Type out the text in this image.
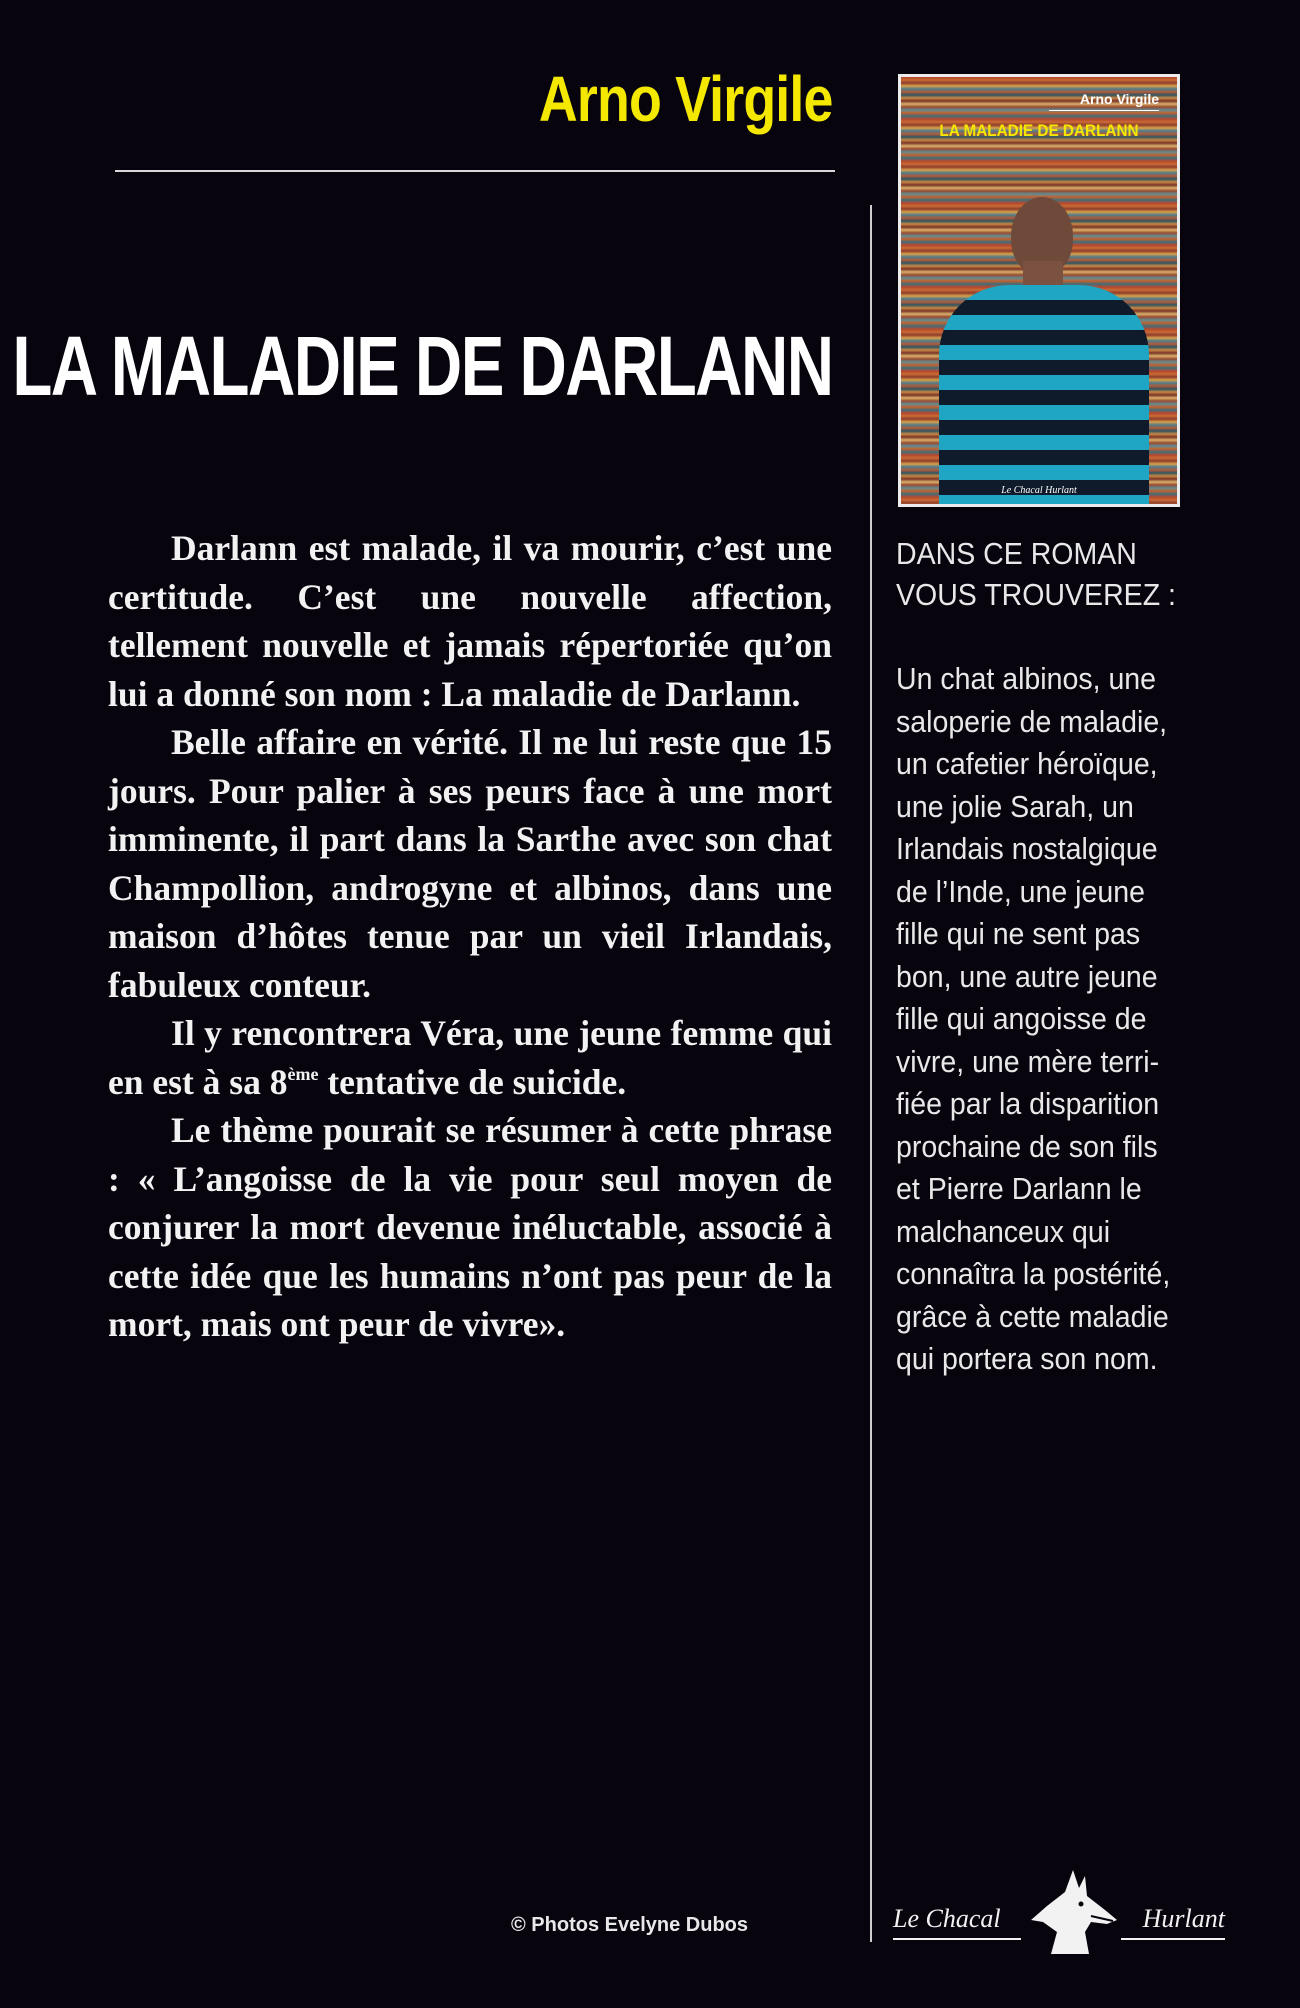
Arno Virgile
LA MALADIE DE DARLANN

Darlann est malade, il va mourir, c’est une certitude. C’est une nouvelle affection, tellement nouvelle et jamais répertoriée qu’on lui a donné son nom : La maladie de Darlann.

Belle affaire en vérité. Il ne lui reste que 15 jours. Pour palier à ses peurs face à une mort imminente, il part dans la Sarthe avec son chat Champollion, androgyne et albinos, dans une maison d’hôtes tenue par un vieil Irlandais, fabuleux conteur.

Il y rencontrera Véra, une jeune femme qui en est à sa 8ème tentative de suicide.

Le thème pourait se résumer à cette phrase : « L’angoisse de la vie pour seul moyen de conjurer la mort devenue inéluctable, associé à cette idée que les humains n’ont pas peur de la mort, mais ont peur de vivre».

Arno Virgile
LA MALADIE DE DARLANN
Le Chacal Hurlant

DANS CE ROMAN VOUS TROUVEREZ :

Un chat albinos, une
saloperie de maladie,
un cafetier héroïque,
une jolie Sarah, un
Irlandais nostalgique
de l’Inde, une jeune
fille qui ne sent pas
bon, une autre jeune
fille qui angoisse de
vivre, une mère terri-
fiée par la disparition
prochaine de son fils
et Pierre Darlann le
malchanceux qui
connaîtra la postérité,
grâce à cette maladie
qui portera son nom.

© Photos Evelyne Dubos	Le Chacal	Hurlant
